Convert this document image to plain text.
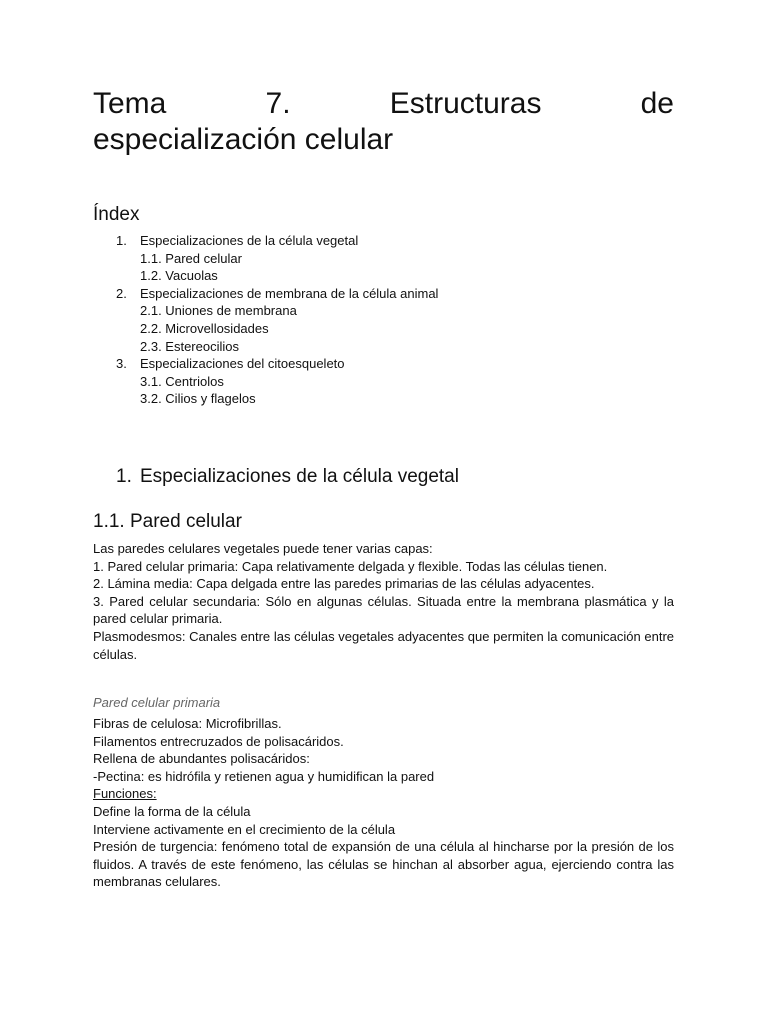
Tema	7.	Estructuras	de
especialización celular
Índex
1.	Especializaciones de la célula vegetal
1.1. Pared celular
1.2. Vacuolas
2.	Especializaciones de membrana de la célula animal
2.1. Uniones de membrana
2.2. Microvellosidades
2.3. Estereocilios
3.	Especializaciones del citoesqueleto
3.1. Centriolos
3.2. Cilios y flagelos
1. Especializaciones de la célula vegetal
1.1. Pared celular

Las paredes celulares vegetales puede tener varias capas:

1. Pared celular primaria: Capa relativamente delgada y flexible. Todas las células tienen.

2. Lámina media: Capa delgada entre las paredes primarias de las células adyacentes.

3. Pared celular secundaria: Sólo en algunas células. Situada entre la membrana plasmática y la pared celular primaria.

Plasmodesmos: Canales entre las células vegetales adyacentes que permiten la comunicación entre células.

Pared celular primaria

Fibras de celulosa: Microfibrillas.

Filamentos entrecruzados de polisacáridos.

Rellena de abundantes polisacáridos:

-Pectina: es hidrófila y retienen agua y humidifican la pared

Funciones:

Define la forma de la célula

Interviene activamente en el crecimiento de la célula

Presión de turgencia: fenómeno total de expansión de una célula al hincharse por la presión de los fluidos. A través de este fenómeno, las células se hinchan al absorber agua, ejerciendo contra las membranas celulares.
